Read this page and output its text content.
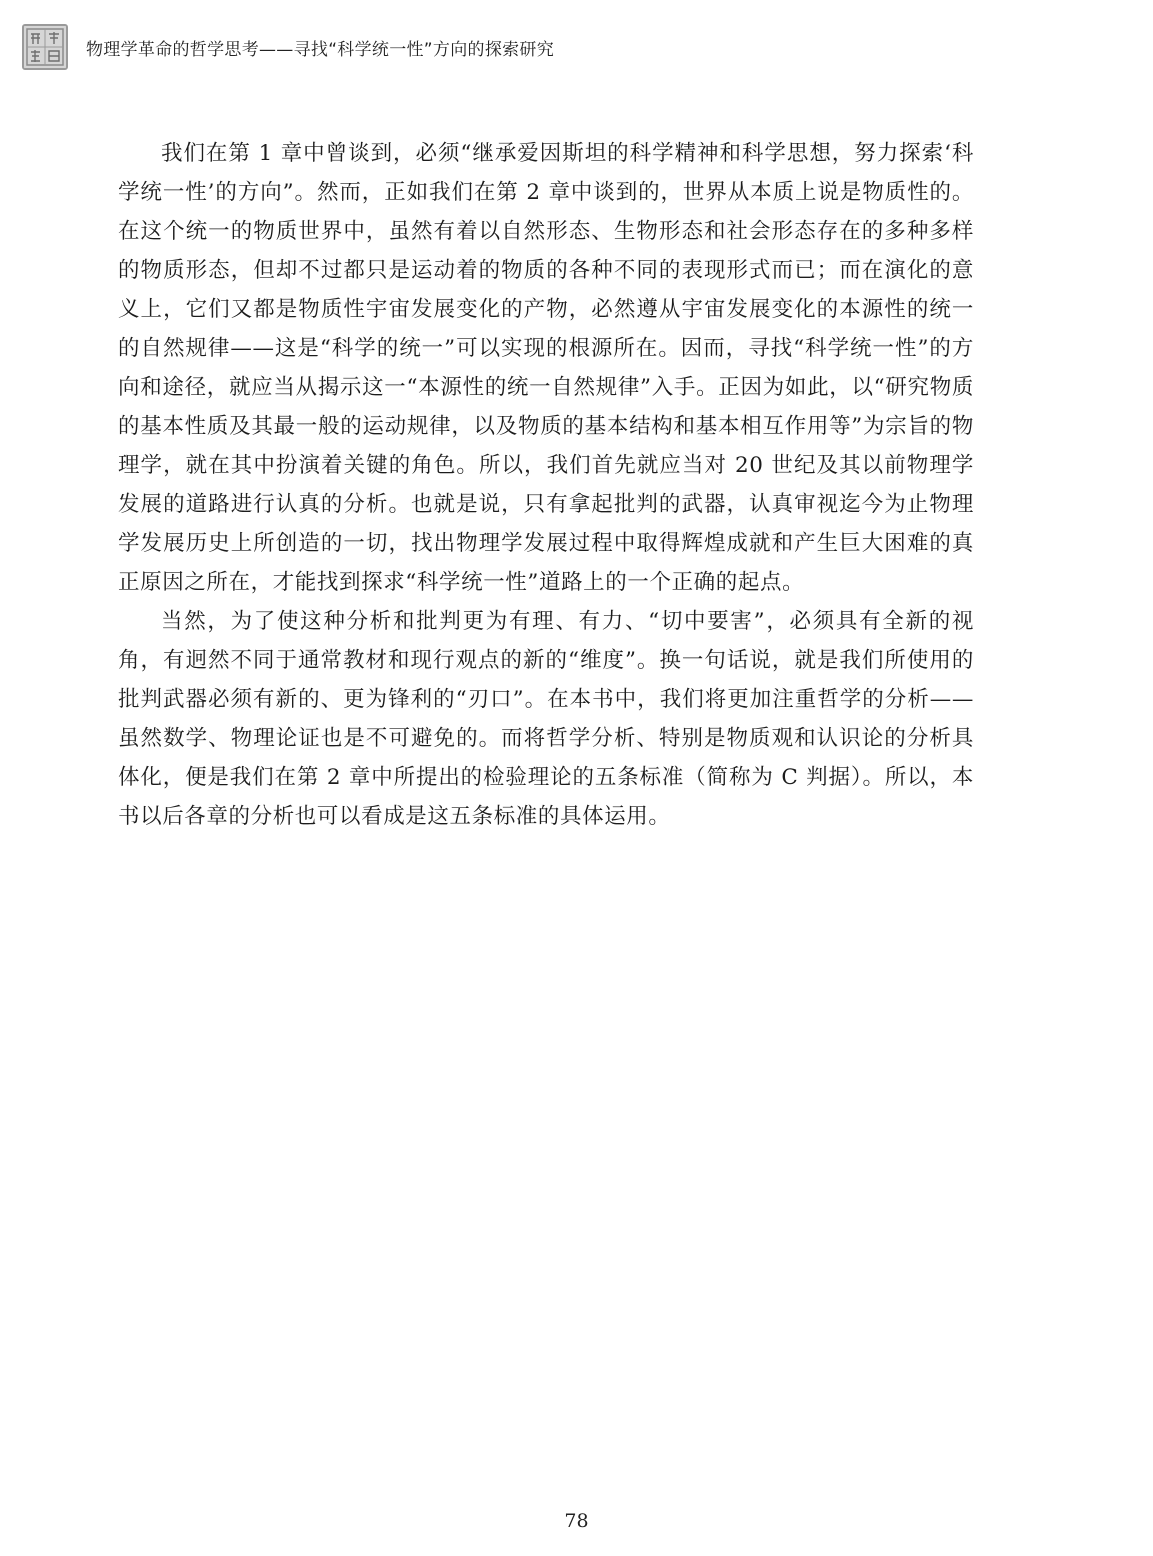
物理学革命的哲学思考——寻找“科学统一性”方向的探索研究

我们在第 1 章中曾谈到，必须“继承爱因斯坦的科学精神和科学思想，努力探索‘科学统一性’的方向”。然而，正如我们在第 2 章中谈到的，世界从本质上说是物质性的。在这个统一的物质世界中，虽然有着以自然形态、生物形态和社会形态存在的多种多样的物质形态，但却不过都只是运动着的物质的各种不同的表现形式而已；而在演化的意义上，它们又都是物质性宇宙发展变化的产物，必然遵从宇宙发展变化的本源性的统一的自然规律——这是“科学的统一”可以实现的根源所在。因而，寻找“科学统一性”的方向和途径，就应当从揭示这一“本源性的统一自然规律”入手。正因为如此，以“研究物质的基本性质及其最一般的运动规律，以及物质的基本结构和基本相互作用等”为宗旨的物理学，就在其中扮演着关键的角色。所以，我们首先就应当对 20 世纪及其以前物理学发展的道路进行认真的分析。也就是说，只有拿起批判的武器，认真审视迄今为止物理学发展历史上所创造的一切，找出物理学发展过程中取得辉煌成就和产生巨大困难的真正原因之所在，才能找到探求“科学统一性”道路上的一个正确的起点。

当然，为了使这种分析和批判更为有理、有力、“切中要害”，必须具有全新的视角，有迥然不同于通常教材和现行观点的新的“维度”。换一句话说，就是我们所使用的批判武器必须有新的、更为锋利的“刃口”。在本书中，我们将更加注重哲学的分析——虽然数学、物理论证也是不可避免的。而将哲学分析、特别是物质观和认识论的分析具体化，便是我们在第 2 章中所提出的检验理论的五条标准（简称为 C 判据）。所以，本书以后各章的分析也可以看成是这五条标准的具体运用。

78
